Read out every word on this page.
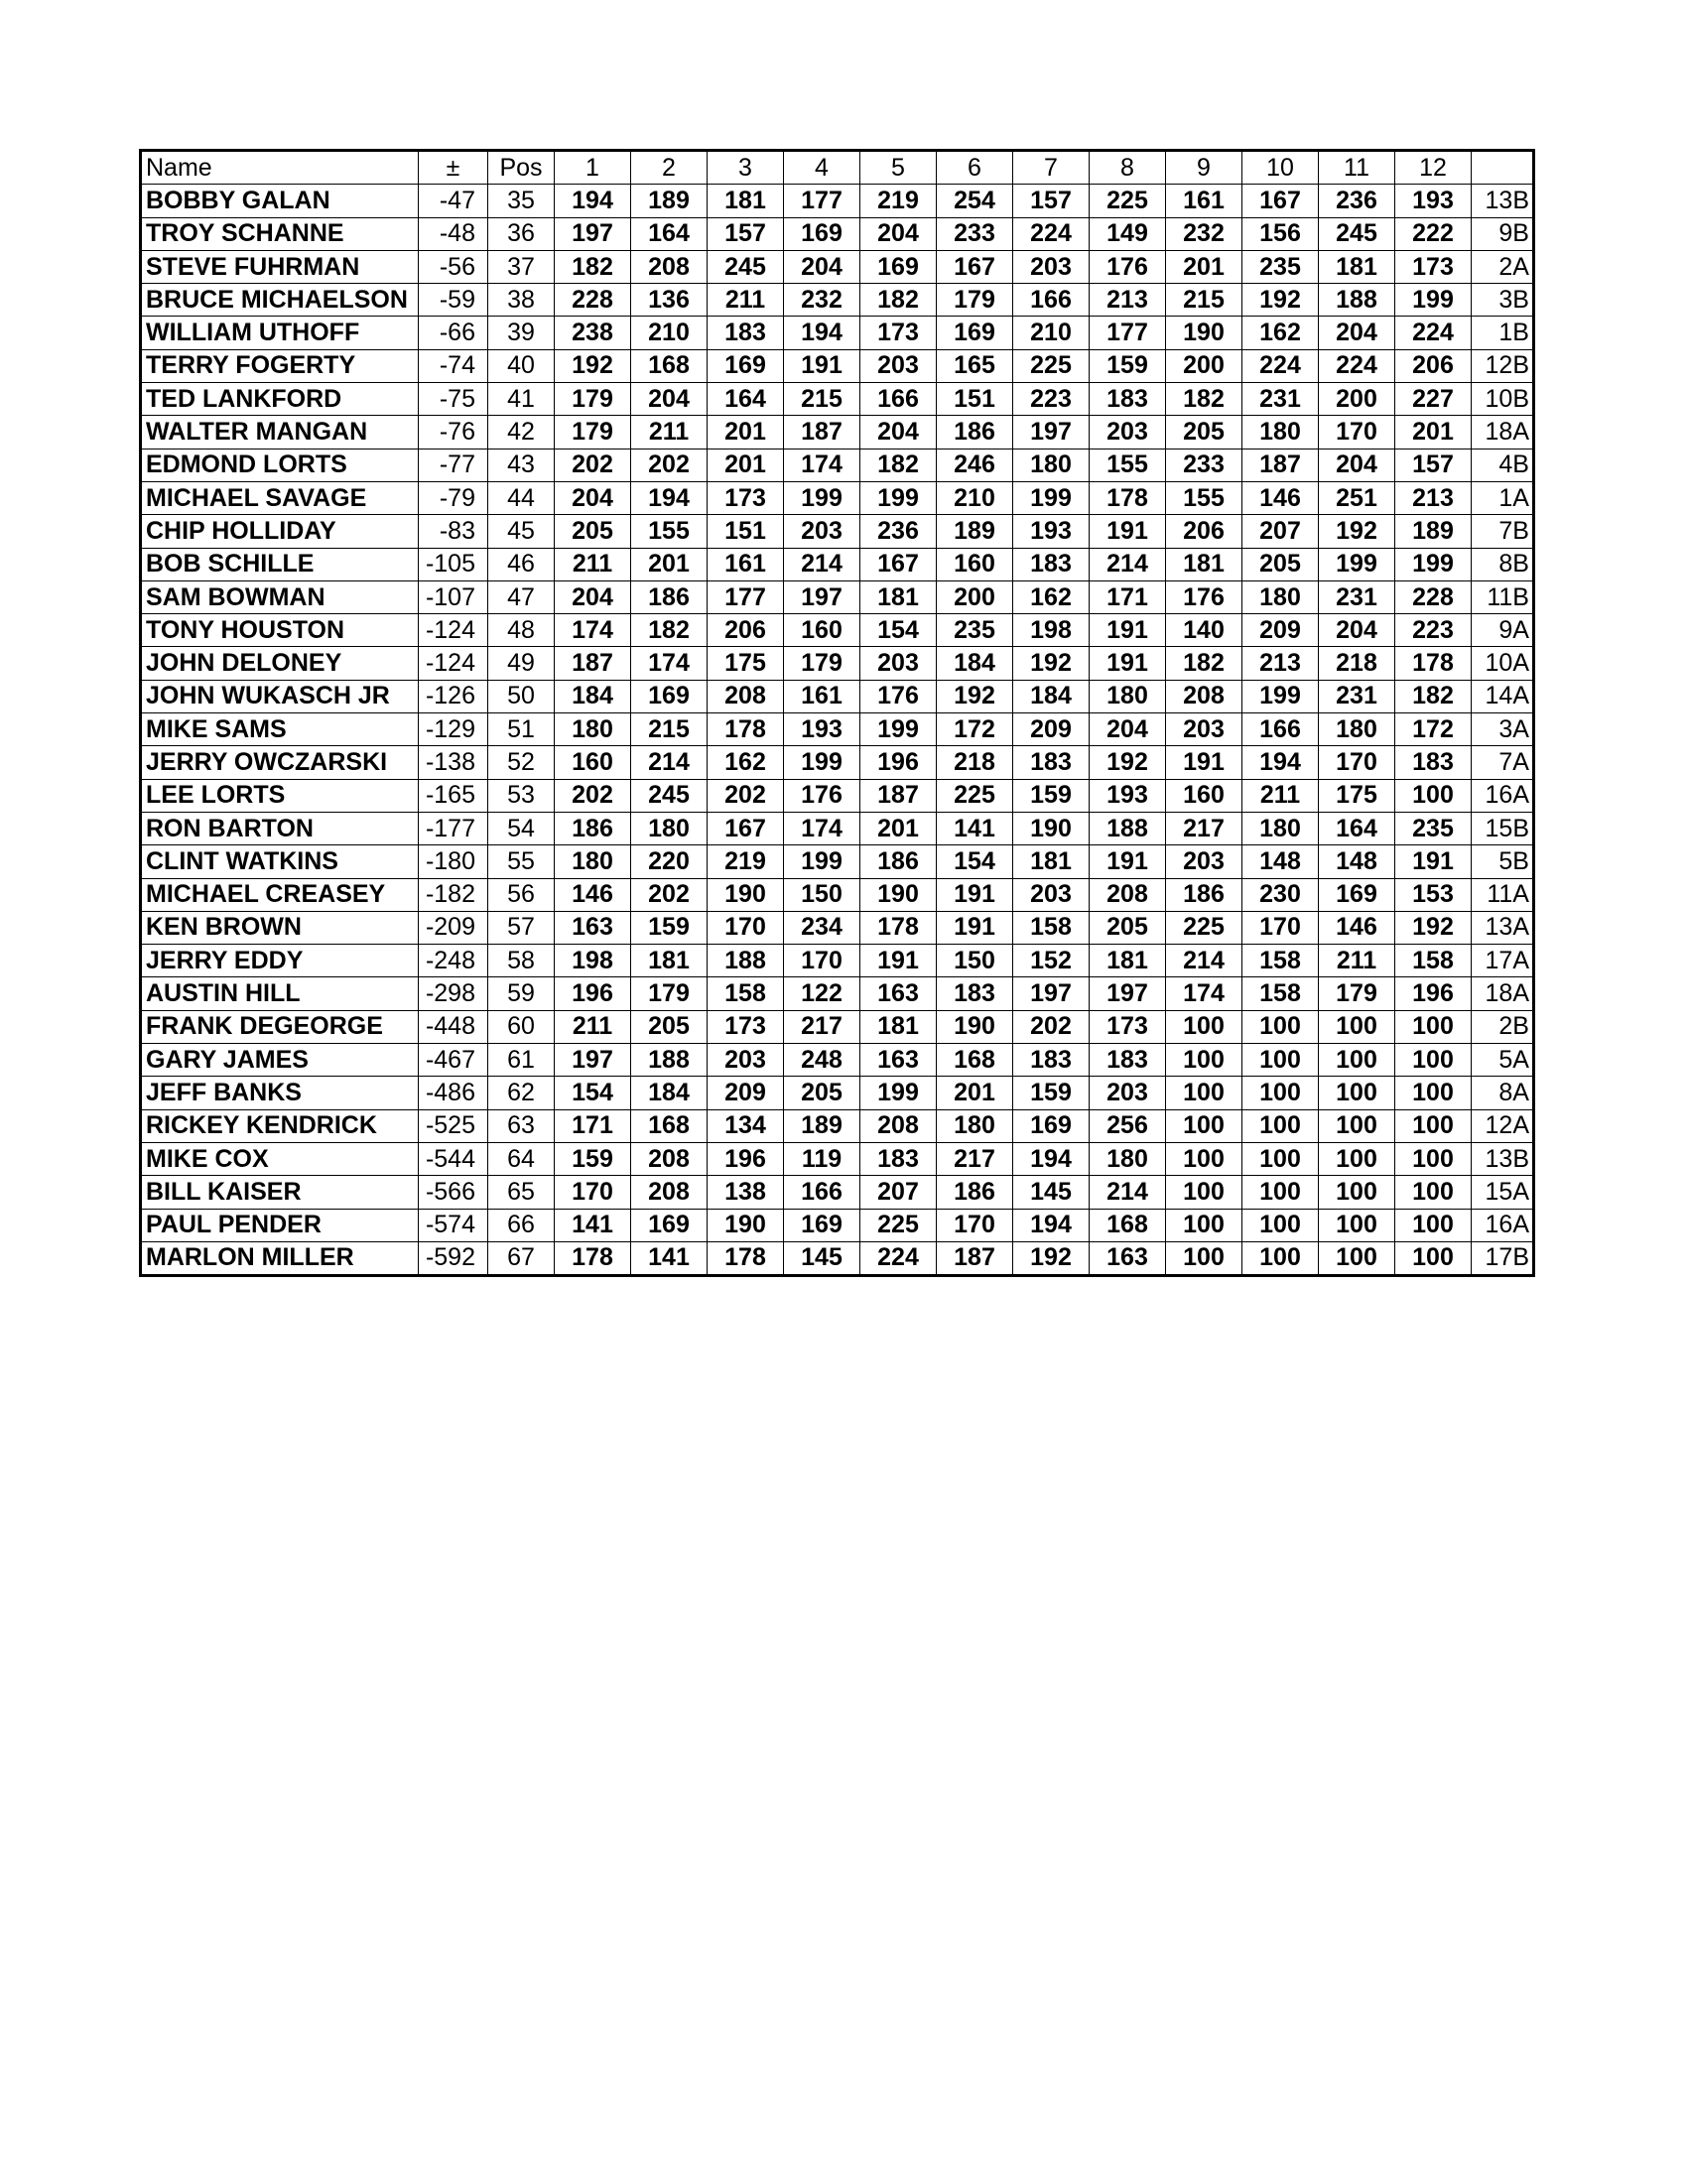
Name	±	Pos	1	2	3	4	5	6	7	8	9	10	11	12	
BOBBY GALAN	-47	35	194	189	181	177	219	254	157	225	161	167	236	193	13B
TROY SCHANNE	-48	36	197	164	157	169	204	233	224	149	232	156	245	222	9B
STEVE FUHRMAN	-56	37	182	208	245	204	169	167	203	176	201	235	181	173	2A
BRUCE MICHAELSON	-59	38	228	136	211	232	182	179	166	213	215	192	188	199	3B
WILLIAM UTHOFF	-66	39	238	210	183	194	173	169	210	177	190	162	204	224	1B
TERRY FOGERTY	-74	40	192	168	169	191	203	165	225	159	200	224	224	206	12B
TED LANKFORD	-75	41	179	204	164	215	166	151	223	183	182	231	200	227	10B
WALTER MANGAN	-76	42	179	211	201	187	204	186	197	203	205	180	170	201	18A
EDMOND LORTS	-77	43	202	202	201	174	182	246	180	155	233	187	204	157	4B
MICHAEL SAVAGE	-79	44	204	194	173	199	199	210	199	178	155	146	251	213	1A
CHIP HOLLIDAY	-83	45	205	155	151	203	236	189	193	191	206	207	192	189	7B
BOB SCHILLE	-105	46	211	201	161	214	167	160	183	214	181	205	199	199	8B
SAM BOWMAN	-107	47	204	186	177	197	181	200	162	171	176	180	231	228	11B
TONY HOUSTON	-124	48	174	182	206	160	154	235	198	191	140	209	204	223	9A
JOHN DELONEY	-124	49	187	174	175	179	203	184	192	191	182	213	218	178	10A
JOHN WUKASCH JR	-126	50	184	169	208	161	176	192	184	180	208	199	231	182	14A
MIKE SAMS	-129	51	180	215	178	193	199	172	209	204	203	166	180	172	3A
JERRY OWCZARSKI	-138	52	160	214	162	199	196	218	183	192	191	194	170	183	7A
LEE LORTS	-165	53	202	245	202	176	187	225	159	193	160	211	175	100	16A
RON BARTON	-177	54	186	180	167	174	201	141	190	188	217	180	164	235	15B
CLINT WATKINS	-180	55	180	220	219	199	186	154	181	191	203	148	148	191	5B
MICHAEL CREASEY	-182	56	146	202	190	150	190	191	203	208	186	230	169	153	11A
KEN BROWN	-209	57	163	159	170	234	178	191	158	205	225	170	146	192	13A
JERRY EDDY	-248	58	198	181	188	170	191	150	152	181	214	158	211	158	17A
AUSTIN HILL	-298	59	196	179	158	122	163	183	197	197	174	158	179	196	18A
FRANK DEGEORGE	-448	60	211	205	173	217	181	190	202	173	100	100	100	100	2B
GARY JAMES	-467	61	197	188	203	248	163	168	183	183	100	100	100	100	5A
JEFF BANKS	-486	62	154	184	209	205	199	201	159	203	100	100	100	100	8A
RICKEY KENDRICK	-525	63	171	168	134	189	208	180	169	256	100	100	100	100	12A
MIKE COX	-544	64	159	208	196	119	183	217	194	180	100	100	100	100	13B
BILL KAISER	-566	65	170	208	138	166	207	186	145	214	100	100	100	100	15A
PAUL PENDER	-574	66	141	169	190	169	225	170	194	168	100	100	100	100	16A
MARLON MILLER	-592	67	178	141	178	145	224	187	192	163	100	100	100	100	17B
